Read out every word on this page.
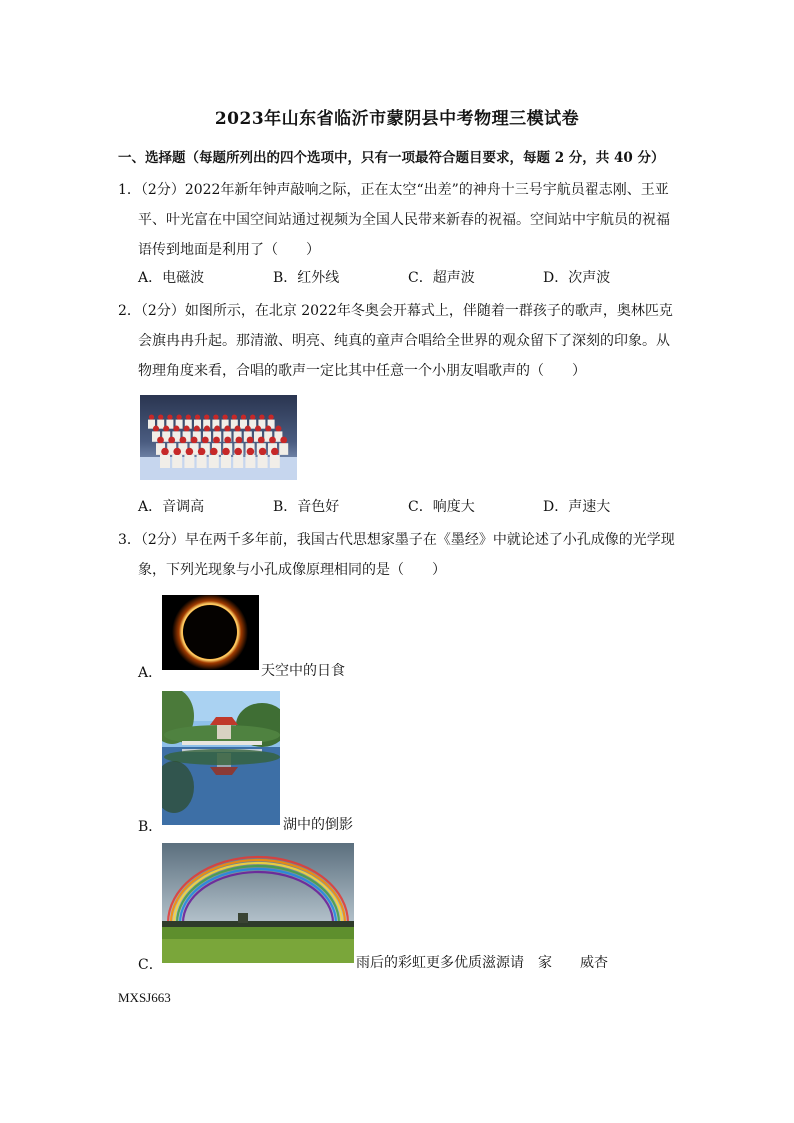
2023年山东省临沂市蒙阴县中考物理三模试卷
一、选择题（每题所列出的四个选项中，只有一项最符合题目要求，每题 2 分，共 40 分）
1．（2分）2022年新年钟声敲响之际，正在太空“出差”的神舟十三号宇航员翟志刚、王亚
平、叶光富在中国空间站通过视频为全国人民带来新春的祝福。空间站中宇航员的祝福
语传到地面是利用了（　　）
A．电磁波	B．红外线	C．超声波	D．次声波
2．（2分）如图所示，在北京 2022年冬奥会开幕式上，伴随着一群孩子的歌声，奥林匹克
会旗冉冉升起。那清澈、明亮、纯真的童声合唱给全世界的观众留下了深刻的印象。从
物理角度来看，合唱的歌声一定比其中任意一个小朋友唱歌声的（　　）
A．音调高	B．音色好	C．响度大	D．声速大
3．（2分）早在两千多年前，我国古代思想家墨子在《墨经》中就论述了小孔成像的光学现
象，下列光现象与小孔成像原理相同的是（　　）
A．	天空中的日食
B．	湖中的倒影
C．	雨后的彩虹更多优质滋源请　家　　威杏
MXSJ663
